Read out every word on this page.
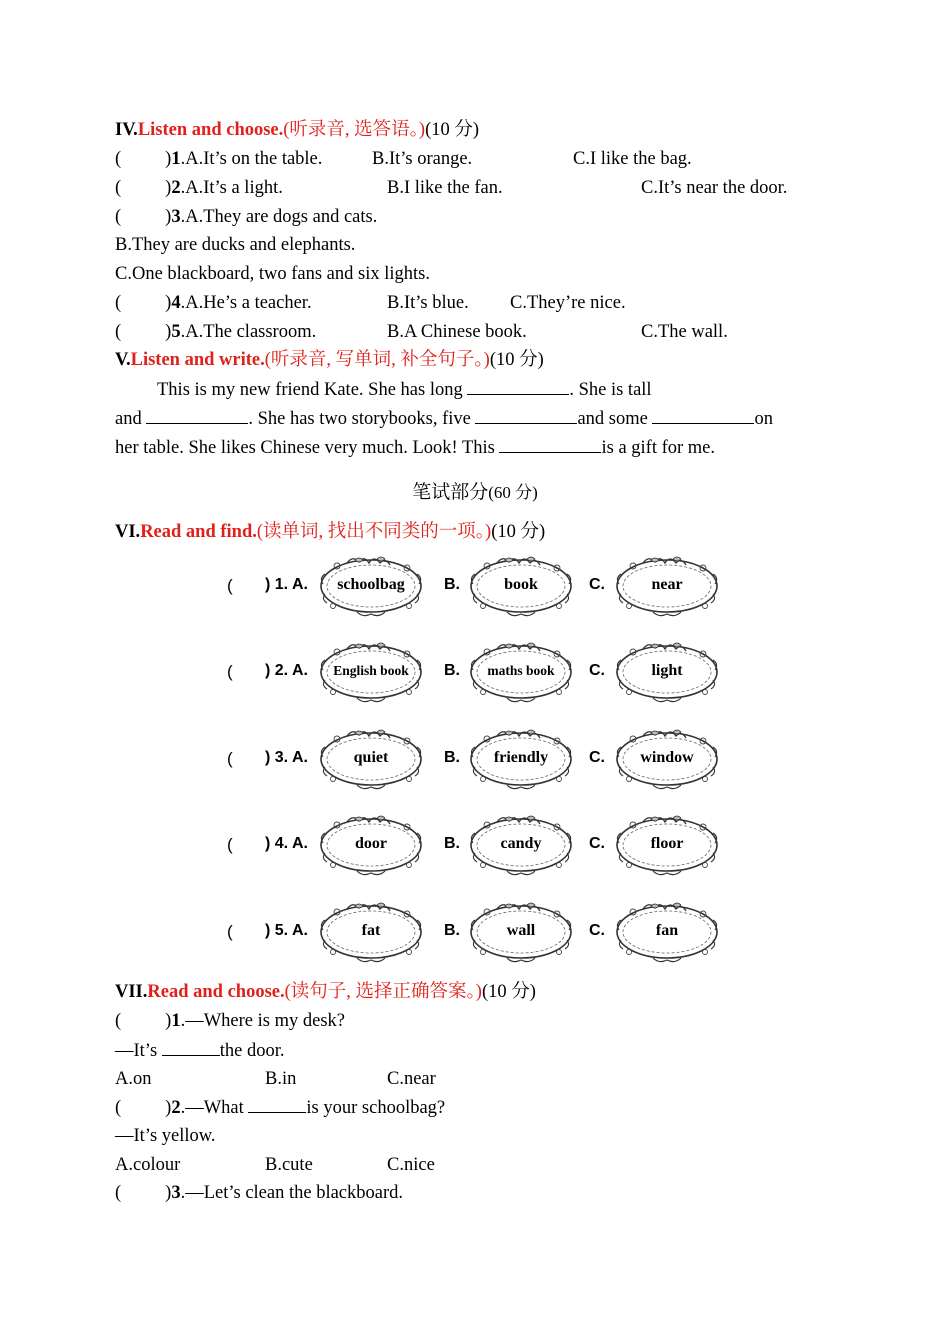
IV.Listen and choose.(听录音, 选答语。)(10 分)
( )1.A.It’s on the table.	B.It’s orange.	C.I like the bag.
( )2.A.It’s a light.	B.I like the fan.	C.It’s near the door.
( )3.A.They are dogs and cats.
B.They are ducks and elephants.
C.One blackboard, two fans and six lights.
( )4.A.He’s a teacher.	B.It’s blue. C.They’re nice.
( )5.A.The classroom.	B.A Chinese book.	C.The wall.
V.Listen and write.(听录音, 写单词, 补全句子。)(10 分)
This is my new friend Kate. She has long	. She is tall
and	. She has two storybooks, five	and some	on
her table. She likes Chinese very much. Look! This	is a gift for me.
笔试部分(60 分)
VI.Read and find.(读单词, 找出不同类的一项。)(10 分)
( ) 1. A.	schoolbag	B.	book	C.	near
( ) 2. A.	English book	B.	maths book	C.	light
( ) 3. A.	quiet	B.	friendly	C.	window
( ) 4. A.	door	B.	candy	C.	floor
( ) 5. A.	fat	B.	wall	C.	fan
VII.Read and choose.(读句子, 选择正确答案。)(10 分)
( )1.—Where is my desk?
—It’s	the door.
A.on	B.in	C.near
( )2.—What	is your schoolbag?
—It’s yellow.
A.colour	B.cute	C.nice
( )3.—Let’s clean the blackboard.
